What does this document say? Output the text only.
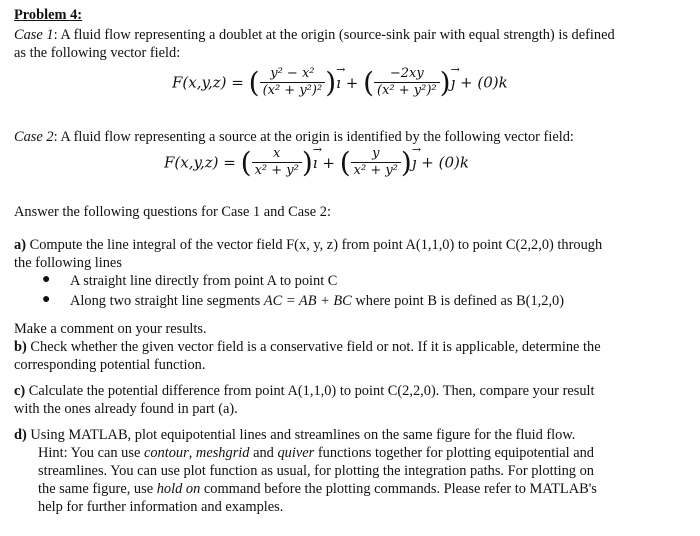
Problem 4:
Case 1: A fluid flow representing a doublet at the origin (source-sink pair with equal strength) is defined
as the following vector field:
F(x,y,z) = ( $\frac{\text{y² − x²}}{\text{(x² + y²)²}}$ )→ ı + ( $\frac{-2xy}{\text{(x² + y²)²}}$ )→ ȷ + (0)k
Case 2: A fluid flow representing a source at the origin is identified by the following vector field:
F(x,y,z) = ( $\frac{x}{\text{x² + y²}}$ )→ ı + ( $\frac{y}{\text{x² + y²}}$ )→ ȷ + (0)k
Answer the following questions for Case 1 and Case 2:
a) Compute the line integral of the vector field F(x, y, z) from point A(1,1,0) to point C(2,2,0) through
the following lines
● A straight line directly from point A to point C
● Along two straight line segments AC = AB + BC where point B is defined as B(1,2,0)
Make a comment on your results.
b) Check whether the given vector field is a conservative field or not. If it is applicable, determine the
corresponding potential function.
c) Calculate the potential difference from point A(1,1,0) to point C(2,2,0). Then, compare your result
with the ones already found in part (a).
d) Using MATLAB, plot equipotential lines and streamlines on the same figure for the fluid flow.
Hint: You can use contour, meshgrid and quiver functions together for plotting equipotential and
streamlines. You can use plot function as usual, for plotting the integration paths. For plotting on
the same figure, use hold on command before the plotting commands. Please refer to MATLAB's
help for further information and examples.
